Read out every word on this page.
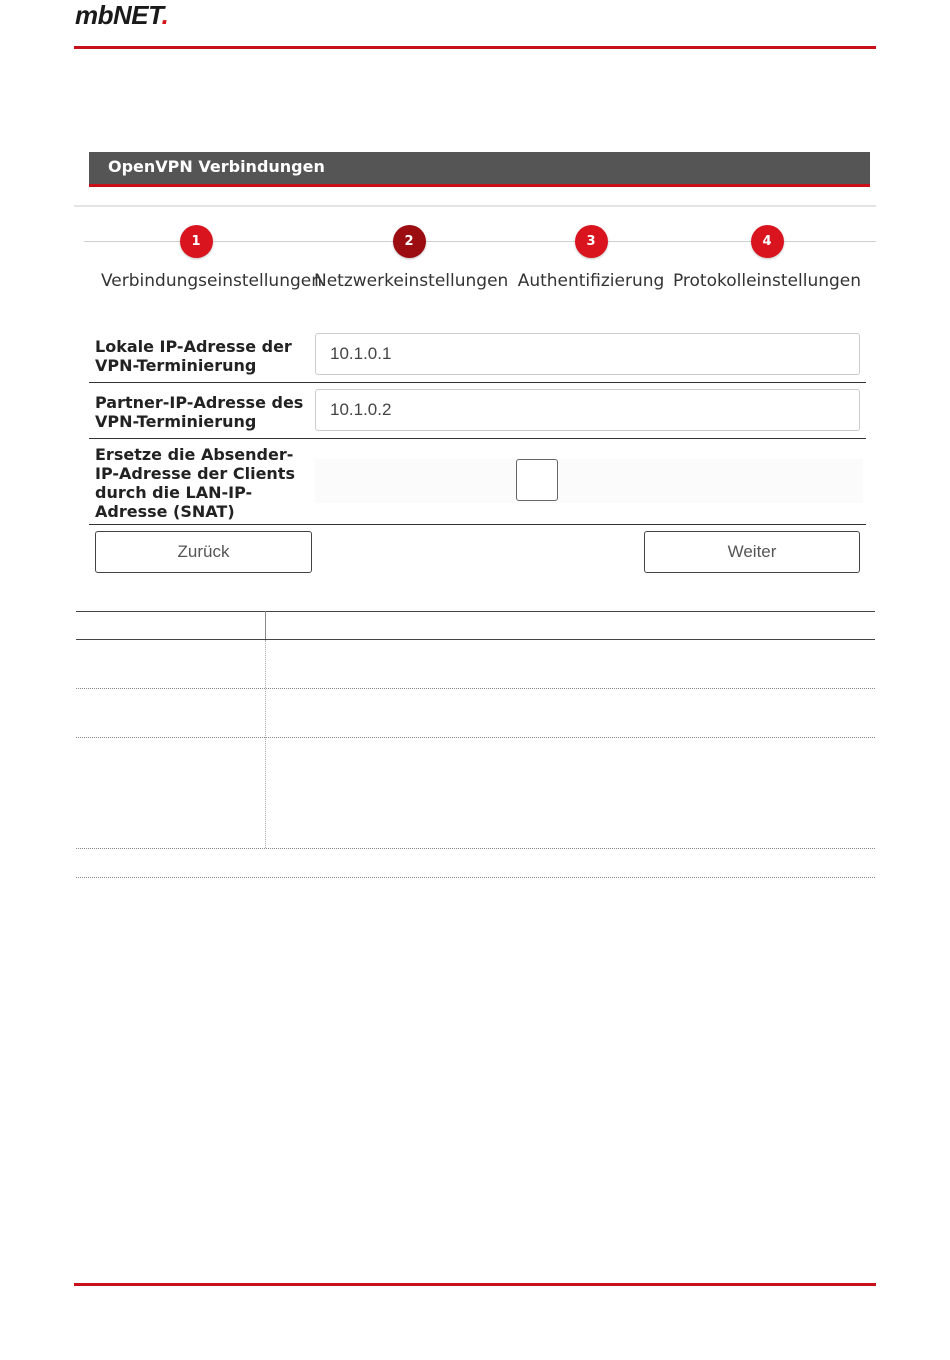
mbNET.
OpenVPN Verbindungen
1
Verbindungseinstellungen
2
Netzwerkeinstellungen
3
Authentifizierung
4
Protokolleinstellungen
Lokale IP-Adresse der
VPN-Terminierung
10.1.0.1
Partner-IP-Adresse des
VPN-Terminierung
10.1.0.2
Ersetze die Absender-
IP-Adresse der Clients
durch die LAN-IP-
Adresse (SNAT)
Zurück	Weiter
